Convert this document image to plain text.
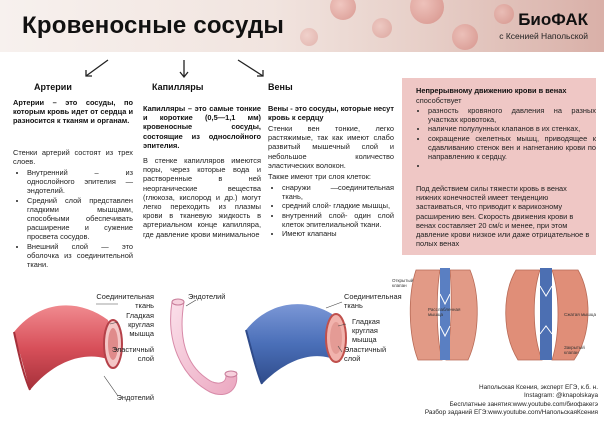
Кровеносные сосуды	БиоФАК
с Ксенией Напольской
Артерии
Артерии – это сосуды, по которым кровь идет от сердца и разносится к тканям и органам.
Стенки артерий состоят из трех слоев.
• Внутренний – из однослойного эпителия — эндотелий.
• Средний слой представлен гладкими мышцами, способными обеспечивать расширение и сужение просвета сосудов.
• Внешний слой — это оболочка из соединительной ткани.
Капилляры
Капилляры – это самые тонкие и короткие (0,5—1,1 мм) кровеносные сосуды, состоящие из однослойного эпителия.
В стенке капилляров имеются поры, через которые вода и растворенные в ней неорганические вещества (глюкоза, кислород и др.) могут легко переходить из плазмы крови в тканевую жидкость в артериальном конце капилляра, где давление крови минимальное
Вены
Вены - это сосуды, которые несут кровь к сердцу
Стенки вен тонкие, легко растяжимые, так как имеют слабо развитый мышечный слой и небольшое количество эластических волокон.
Также имеют три слоя клеток:
• снаружи —соединительная ткань,
• средний слой- гладкие мышцы,
• внутренний слой- один слой клеток эпителиальной ткани.
• Имеют клапаны
Непрерывному движению крови в венах
способствует
• разность кровяного давления на разных участках кровотока,
• наличие полулунных клапанов в их стенках,
• сокращение скелетных мышц, приводящее к сдавливанию стенок вен и нагнетанию крови по направлению к сердцу.
•
Под действием силы тяжести кровь в венах нижних конечностей имеет тенденцию застаиваться, что приводит к варикозному расширению вен. Скорость движения крови в венах составляет 20 см/с и менее, при этом давление крови низкое или даже отрицательное в полых венах
Соединительная ткань
Гладкая круглая мышца
Эластичный слой
Эндотелий
Эндотелий	Соединительная ткань
Гладкая круглая мышца
Эластичный слой
Открытый клапан
Расслабленная мышца	Сжатая мышца
Закрытый клапан
Напольская Ксения, эксперт ЕГЭ, к.б. н.
Instagram: @knapolskaya
Бесплатные занятия:www.youtube.com/биофакегэ
Разбор заданий ЕГЭ:www.youtube.com/НапольскаяКсения
